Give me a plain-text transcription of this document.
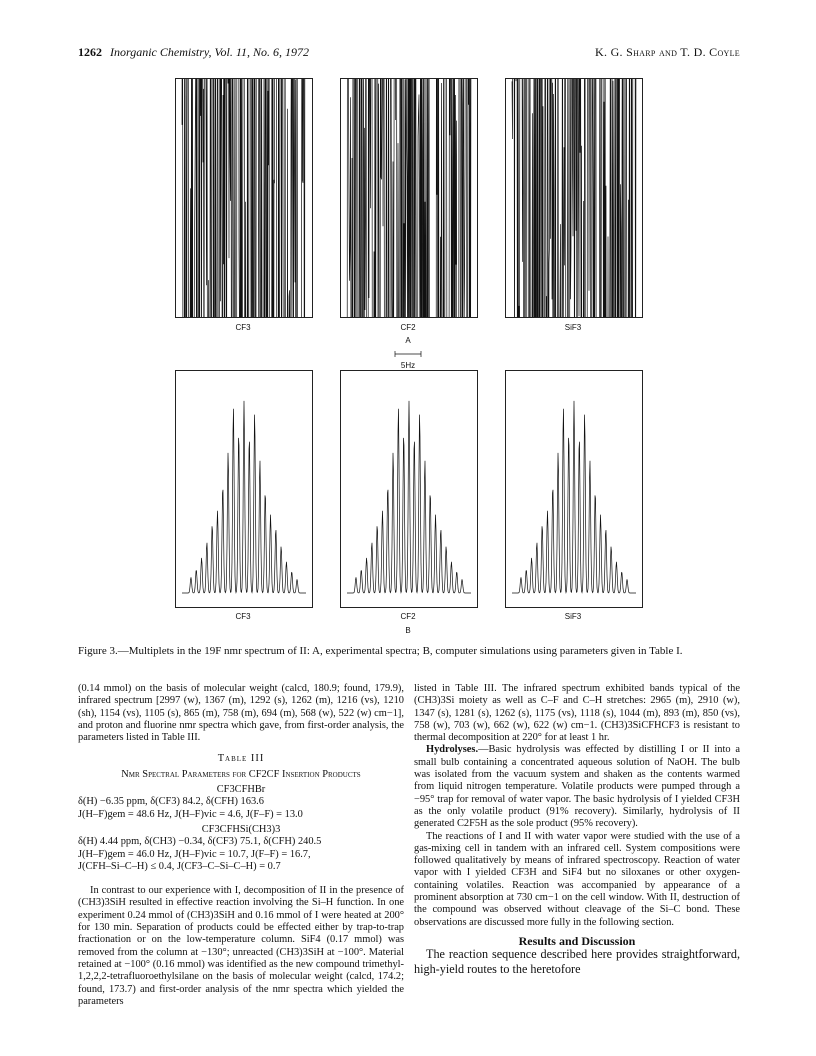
1262 Inorganic Chemistry, Vol. 11, No. 6, 1972	K. G. Sharp and T. D. Coyle
CF3	CF2	SiF3
A
5Hz
CF3	CF2	SiF3
B
Figure 3.—Multiplets in the 19F nmr spectrum of II: A, experimental spectra; B, computer simulations using parameters given in Table I.

(0.14 mmol) on the basis of molecular weight (calcd, 180.9; found, 179.9), infrared spectrum [2997 (w), 1367 (m), 1292 (s), 1262 (m), 1216 (vs), 1210 (sh), 1154 (vs), 1105 (s), 865 (m), 758 (m), 694 (m), 568 (w), 522 (w) cm−1], and proton and fluorine nmr spectra which gave, from first-order analysis, the parameters listed in Table III.

Table III
Nmr Spectral Parameters for CF2CF Insertion Products
CF3CFHBr

δ(H) −6.35 ppm, δ(CF3) 84.2, δ(CFH) 163.6

J(H–F)gem = 48.6 Hz, J(H–F)vic = 4.6, J(F–F) = 13.0

CF3CFHSi(CH3)3

δ(H) 4.44 ppm, δ(CH3) −0.34, δ(CF3) 75.1, δ(CFH) 240.5

J(H–F)gem = 46.0 Hz, J(H–F)vic = 10.7, J(F–F) = 16.7,

J(CFH–Si–C–H) ≤ 0.4, J(CF3–C–Si–C–H) = 0.7

In contrast to our experience with I, decomposition of II in the presence of (CH3)3SiH resulted in effective reaction involving the Si–H function. In one experiment 0.24 mmol of (CH3)3SiH and 0.16 mmol of I were heated at 200° for 130 min. Separation of products could be effected either by trap-to-trap fractionation or on the low-temperature column. SiF4 (0.17 mmol) was removed from the column at −130°; unreacted (CH3)3SiH at −100°. Material retained at −100° (0.16 mmol) was identified as the new compound trimethyl-1,2,2,2-tetrafluoroethylsilane on the basis of molecular weight (calcd, 174.2; found, 173.7) and first-order analysis of the nmr spectra which yielded the parameters

listed in Table III. The infrared spectrum exhibited bands typical of the (CH3)3Si moiety as well as C–F and C–H stretches: 2965 (m), 2910 (w), 1347 (s), 1281 (s), 1262 (s), 1175 (vs), 1118 (s), 1044 (m), 893 (m), 850 (vs), 758 (w), 703 (w), 662 (w), 622 (w) cm−1. (CH3)3SiCFHCF3 is resistant to thermal decomposition at 220° for at least 1 hr.

Hydrolyses.—Basic hydrolysis was effected by distilling I or II into a small bulb containing a concentrated aqueous solution of NaOH. The bulb was isolated from the vacuum system and shaken as the contents warmed from liquid nitrogen temperature. Volatile products were pumped through a −95° trap for removal of water vapor. The basic hydrolysis of I yielded CF3H as the only volatile product (91% recovery). Similarly, hydrolysis of II generated C2F5H as the sole product (95% recovery).

The reactions of I and II with water vapor were studied with the use of a gas-mixing cell in tandem with an infrared cell. System compositions were followed qualitatively by means of infrared spectroscopy. Reaction of water vapor with I yielded CF3H and SiF4 but no siloxanes or other oxygen-containing volatiles. Reaction was accompanied by appearance of a prominent absorption at 730 cm−1 on the cell window. With II, destruction of the compound was observed without cleavage of the Si–C bond. These observations are discussed more fully in the following section.

Results and Discussion

The reaction sequence described here provides straightforward, high-yield routes to the heretofore
